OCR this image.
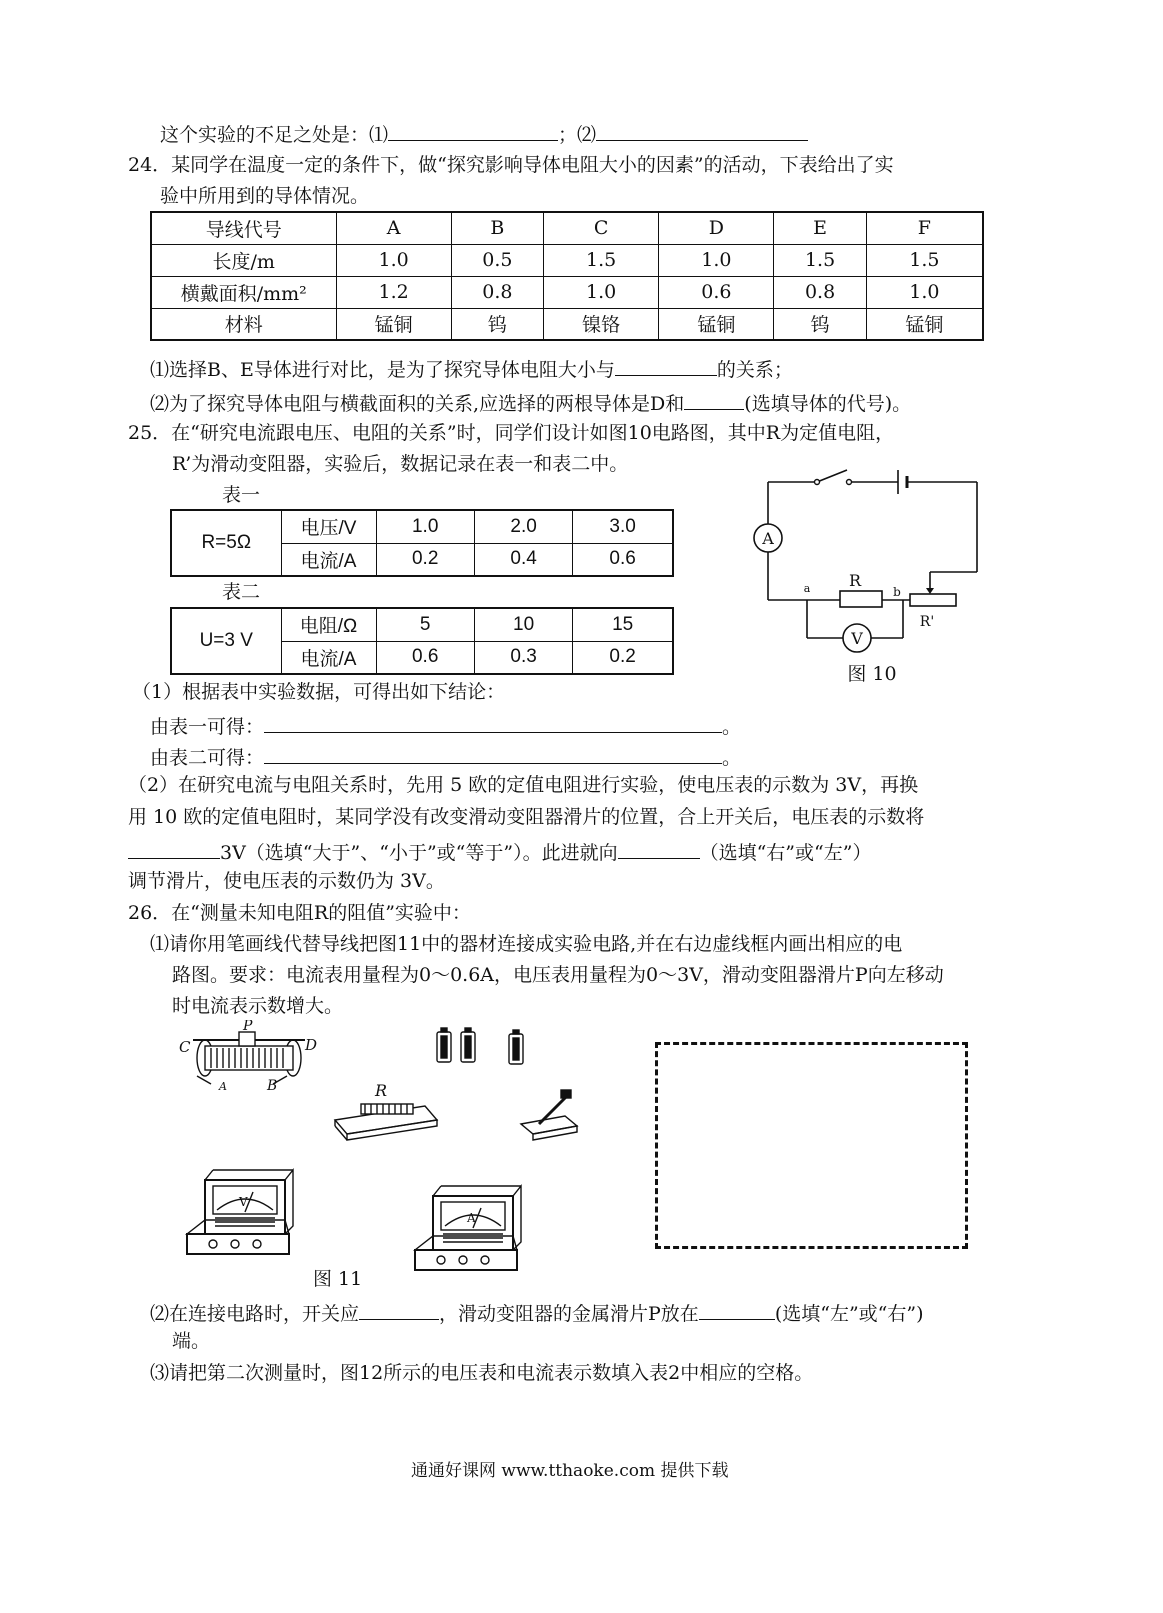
这个实验的不足之处是：⑴	；⑵
24．某同学在温度一定的条件下，做“探究影响导体电阻大小的因素”的活动，下表给出了实
验中所用到的导体情况。
导线代号	A	B	C	D	E	F
长度/m	1.0	0.5	1.5	1.0	1.5	1.5
横戴面积/mm²	1.2	0.8	1.0	0.6	0.8	1.0
材料	锰铜	钨	镍铬	锰铜	钨	锰铜
⑴选择B、E导体进行对比，是为了探究导体电阻大小与	的关系；
⑵为了探究导体电阻与横截面积的关系,应选择的两根导体是D和	(选填导体的代号)。
25．在“研究电流跟电压、电阻的关系”时，同学们设计如图10电路图，其中R为定值电阻，
R’为滑动变阻器，实验后，数据记录在表一和表二中。
表一
R=5Ω	电压/V	1.0	2.0	3.0
	电流/A	0.2	0.4	0.6
表二
U=3 V	电阻/Ω	5	10	15
	电流/A	0.6	0.3	0.2
A
V
R
R'
a	b
图 10
（1）根据表中实验数据，可得出如下结论：
由表一可得：	。
由表二可得：	。
（2）在研究电流与电阻关系时，先用 5 欧的定值电阻进行实验，使电压表的示数为 3V，再换
用 10 欧的定值电阻时，某同学没有改变滑动变阻器滑片的位置，合上开关后，电压表的示数将
3V（选填“大于”、“小于”或“等于”）。此进就向	（选填“右”或“左”）
调节滑片，使电压表的示数仍为 3V。
26．在“测量未知电阻R的阻值”实验中：
⑴请你用笔画线代替导线把图11中的器材连接成实验电路,并在右边虚线框内画出相应的电
路图。要求：电流表用量程为0～0.6A，电压表用量程为0～3V，滑动变阻器滑片P向左移动
时电流表示数增大。
C
P
D
A	B	R
V
A
图 11
⑵在连接电路时，开关应	，滑动变阻器的金属滑片P放在	(选填“左”或“右”)
端。
⑶请把第二次测量时，图12所示的电压表和电流表示数填入表2中相应的空格。
通通好课网 www.tthaoke.com 提供下载
